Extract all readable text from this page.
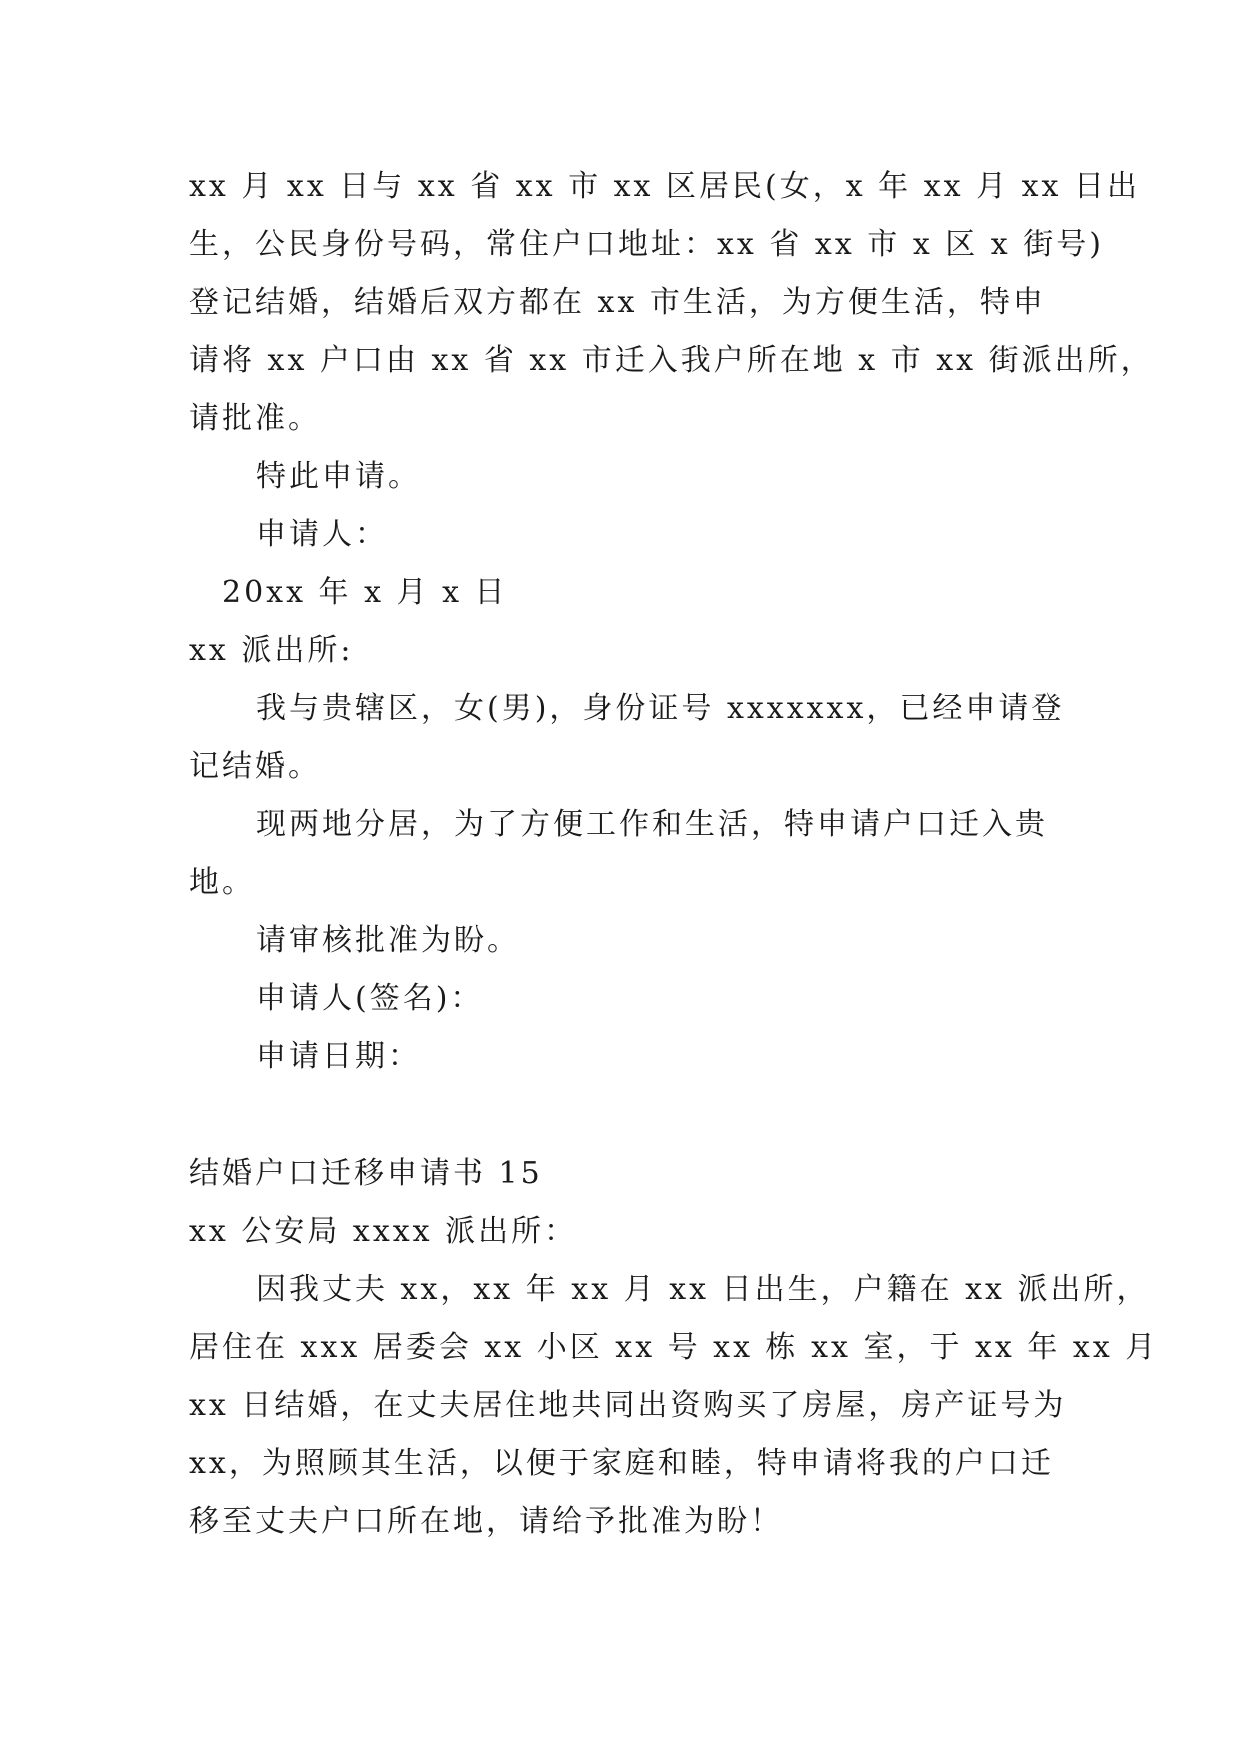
xx 月 xx 日与 xx 省 xx 市 xx 区居民(女，x 年 xx 月 xx 日出
生，公民身份号码，常住户口地址：xx 省 xx 市 x 区 x 街号)
登记结婚，结婚后双方都在 xx 市生活，为方便生活，特申
请将 xx 户口由 xx 省 xx 市迁入我户所在地 x 市 xx 街派出所，
请批准。
特此申请。
申请人：
20xx 年 x 月 x 日
xx 派出所:
我与贵辖区，女(男)，身份证号 xxxxxxx，已经申请登
记结婚。
现两地分居，为了方便工作和生活，特申请户口迁入贵
地。
请审核批准为盼。
申请人(签名)：
申请日期：
结婚户口迁移申请书 15
xx 公安局 xxxx 派出所：
因我丈夫 xx，xx 年 xx 月 xx 日出生，户籍在 xx 派出所，
居住在 xxx 居委会 xx 小区 xx 号 xx 栋 xx 室，于 xx 年 xx 月
xx 日结婚，在丈夫居住地共同出资购买了房屋，房产证号为
xx，为照顾其生活，以便于家庭和睦，特申请将我的户口迁
移至丈夫户口所在地，请给予批准为盼！
